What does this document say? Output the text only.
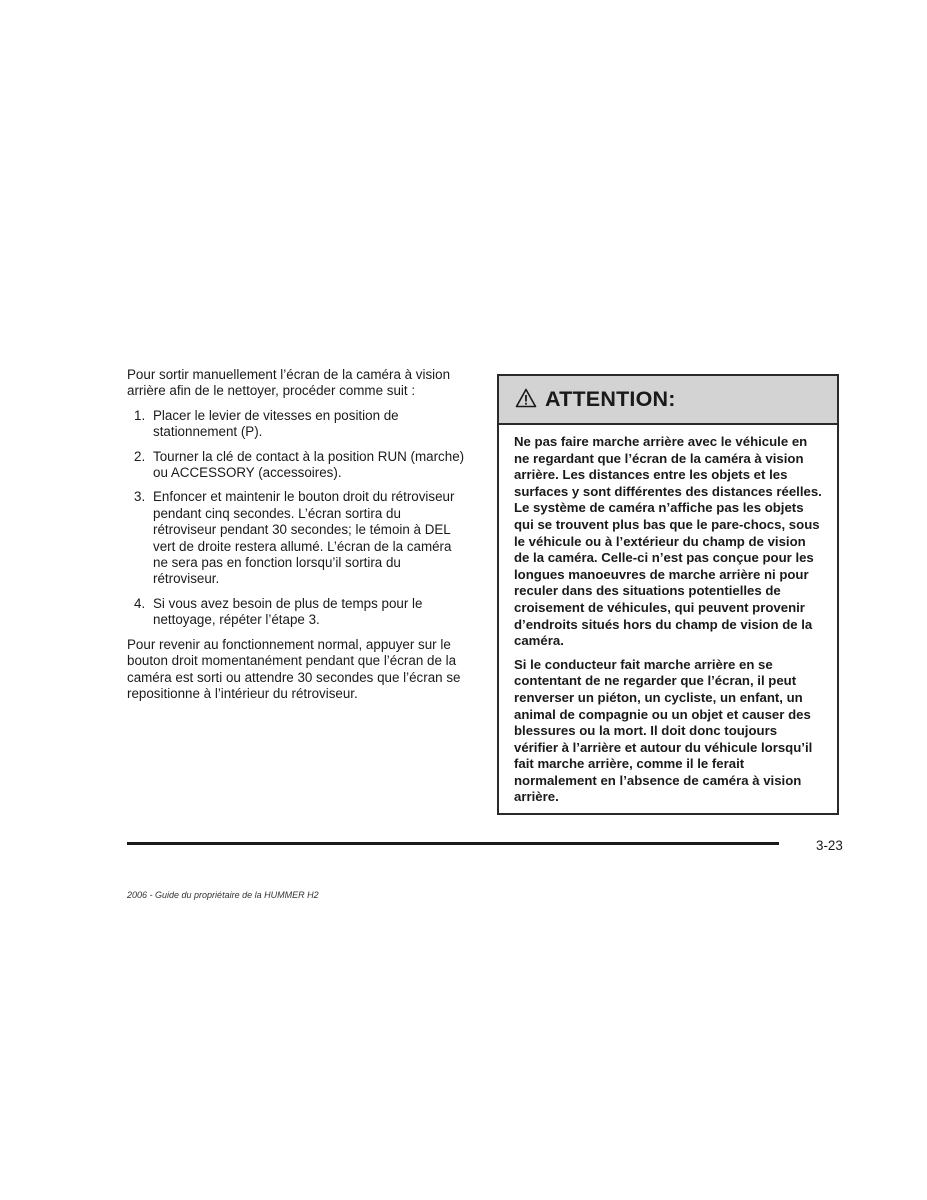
Pour sortir manuellement l’écran de la caméra à vision arrière afin de le nettoyer, procéder comme suit :

1. Placer le levier de vitesses en position de stationnement (P).
2. Tourner la clé de contact à la position RUN (marche) ou ACCESSORY (accessoires).
3. Enfoncer et maintenir le bouton droit du rétroviseur pendant cinq secondes. L’écran sortira du rétroviseur pendant 30 secondes; le témoin à DEL vert de droite restera allumé. L’écran de la caméra ne sera pas en fonction lorsqu’il sortira du rétroviseur.
4. Si vous avez besoin de plus de temps pour le nettoyage, répéter l’étape 3.

Pour revenir au fonctionnement normal, appuyer sur le bouton droit momentanément pendant que l’écran de la caméra est sorti ou attendre 30 secondes que l’écran se repositionne à l’intérieur du rétroviseur.

ATTENTION:

Ne pas faire marche arrière avec le véhicule en ne regardant que l’écran de la caméra à vision arrière. Les distances entre les objets et les surfaces y sont différentes des distances réelles. Le système de caméra n’affiche pas les objets qui se trouvent plus bas que le pare-chocs, sous le véhicule ou à l’extérieur du champ de vision de la caméra. Celle-ci n’est pas conçue pour les longues manoeuvres de marche arrière ni pour reculer dans des situations potentielles de croisement de véhicules, qui peuvent provenir d’endroits situés hors du champ de vision de la caméra.

Si le conducteur fait marche arrière en se contentant de ne regarder que l’écran, il peut renverser un piéton, un cycliste, un enfant, un animal de compagnie ou un objet et causer des blessures ou la mort. Il doit donc toujours vérifier à l’arrière et autour du véhicule lorsqu’il fait marche arrière, comme il le ferait normalement en l’absence de caméra à vision arrière.

3-23
2006 - Guide du propriétaire de la HUMMER H2
